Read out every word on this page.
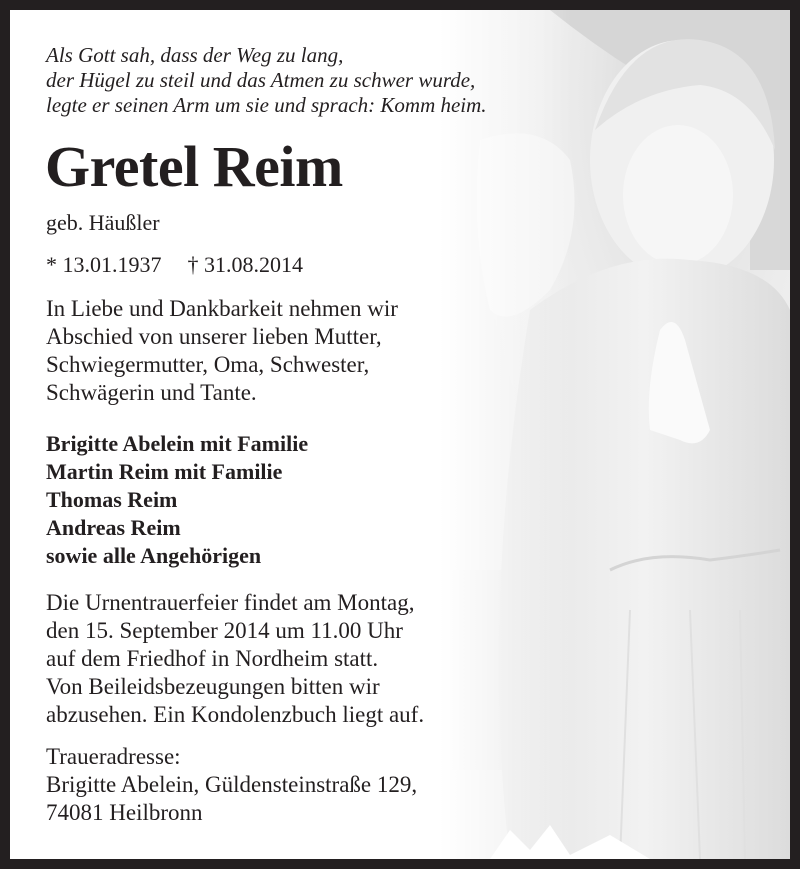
Als Gott sah, dass der Weg zu lang,
der Hügel zu steil und das Atmen zu schwer wurde,
legte er seinen Arm um sie und sprach: Komm heim.
Gretel Reim
geb. Häußler
* 13.01.1937 † 31.08.2014
In Liebe und Dankbarkeit nehmen wir
Abschied von unserer lieben Mutter,
Schwiegermutter, Oma, Schwester,
Schwägerin und Tante.
Brigitte Abelein mit Familie
Martin Reim mit Familie
Thomas Reim
Andreas Reim
sowie alle Angehörigen
Die Urnentrauerfeier findet am Montag,
den 15. September 2014 um 11.00 Uhr
auf dem Friedhof in Nordheim statt.
Von Beileidsbezeugungen bitten wir
abzusehen. Ein Kondolenzbuch liegt auf.
Traueradresse:
Brigitte Abelein, Güldensteinstraße 129,
74081 Heilbronn
